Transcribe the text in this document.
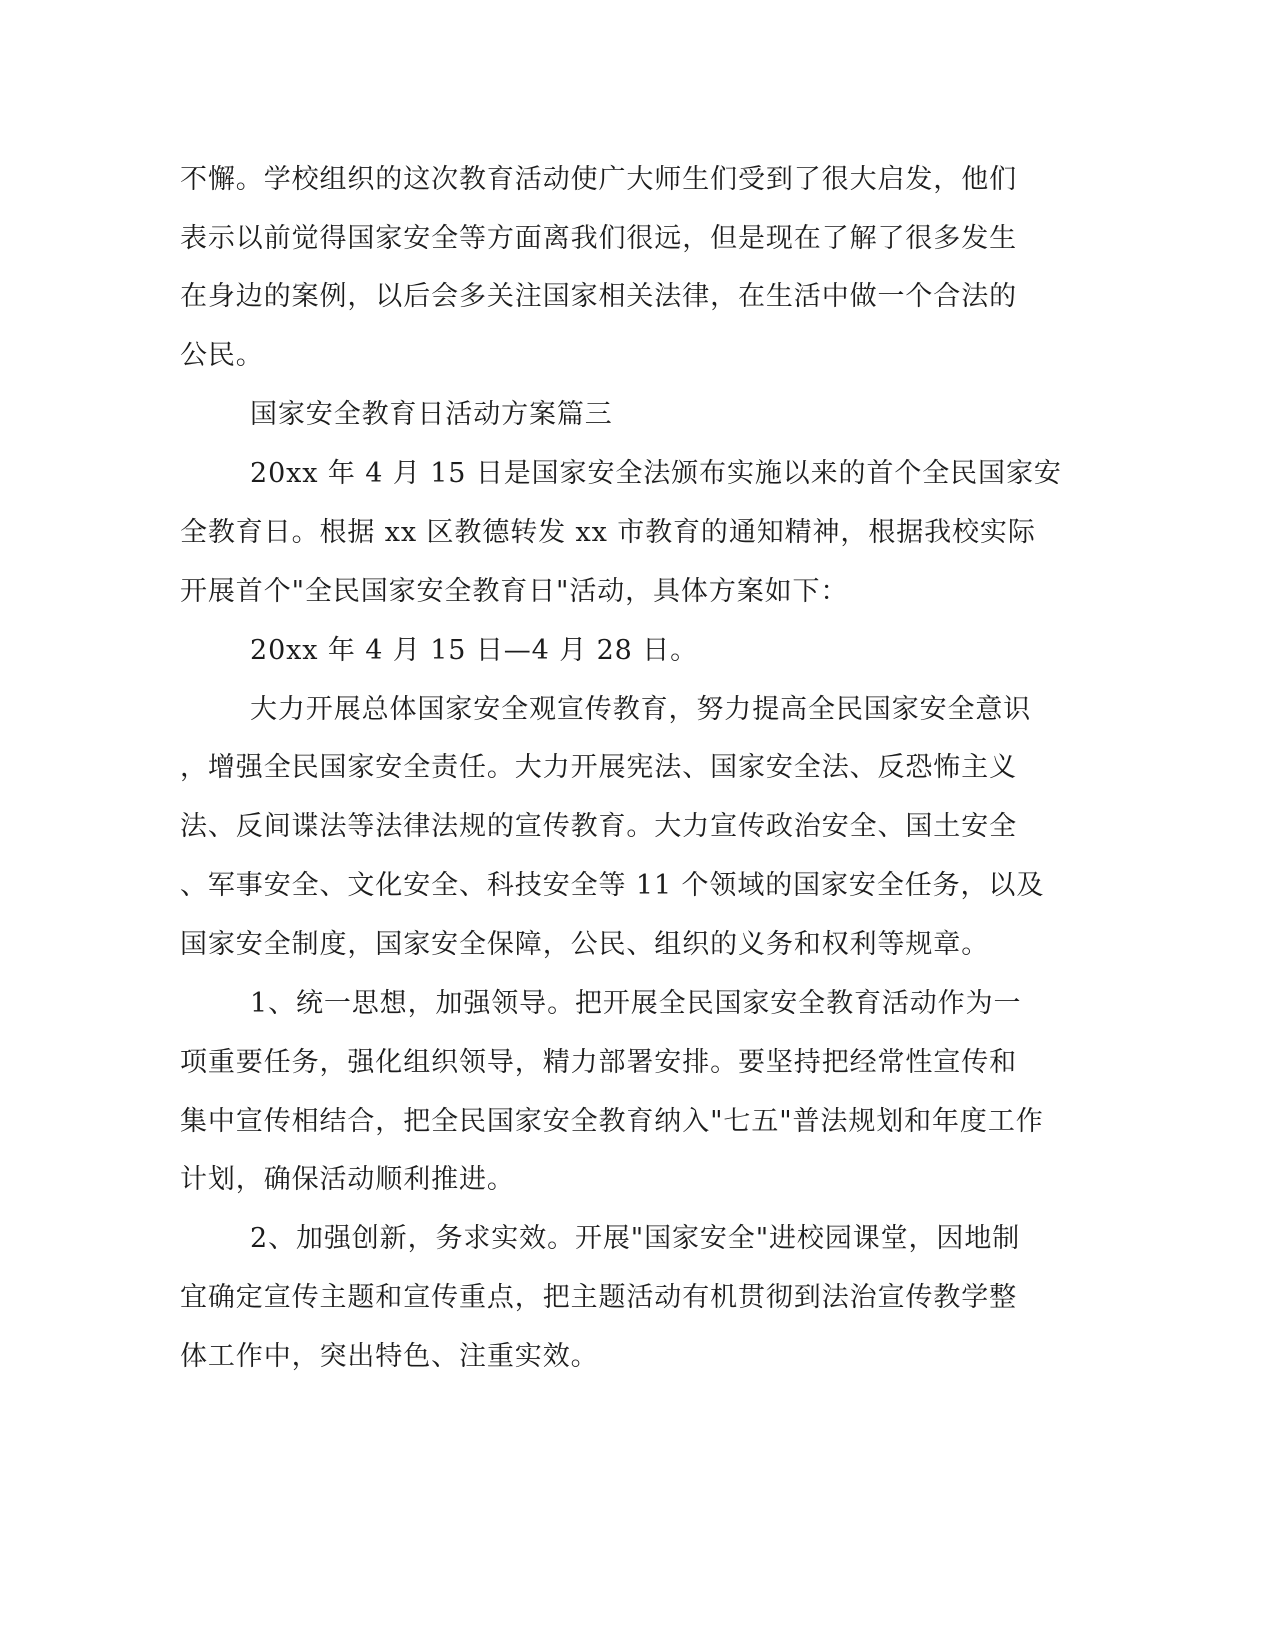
不懈。学校组织的这次教育活动使广大师生们受到了很大启发，他们

表示以前觉得国家安全等方面离我们很远，但是现在了解了很多发生

在身边的案例，以后会多关注国家相关法律，在生活中做一个合法的

公民。

国家安全教育日活动方案篇三

20xx 年 4 月 15 日是国家安全法颁布实施以来的首个全民国家安

全教育日。根据 xx 区教德转发 xx 市教育的通知精神，根据我校实际

开展首个"全民国家安全教育日"活动，具体方案如下：

20xx 年 4 月 15 日—4 月 28 日。

大力开展总体国家安全观宣传教育，努力提高全民国家安全意识

，增强全民国家安全责任。大力开展宪法、国家安全法、反恐怖主义

法、反间谍法等法律法规的宣传教育。大力宣传政治安全、国土安全

、军事安全、文化安全、科技安全等 11 个领域的国家安全任务，以及

国家安全制度，国家安全保障，公民、组织的义务和权利等规章。

1、统一思想，加强领导。把开展全民国家安全教育活动作为一

项重要任务，强化组织领导，精力部署安排。要坚持把经常性宣传和

集中宣传相结合，把全民国家安全教育纳入"七五"普法规划和年度工作

计划，确保活动顺利推进。

2、加强创新，务求实效。开展"国家安全"进校园课堂，因地制

宜确定宣传主题和宣传重点，把主题活动有机贯彻到法治宣传教学整

体工作中，突出特色、注重实效。
